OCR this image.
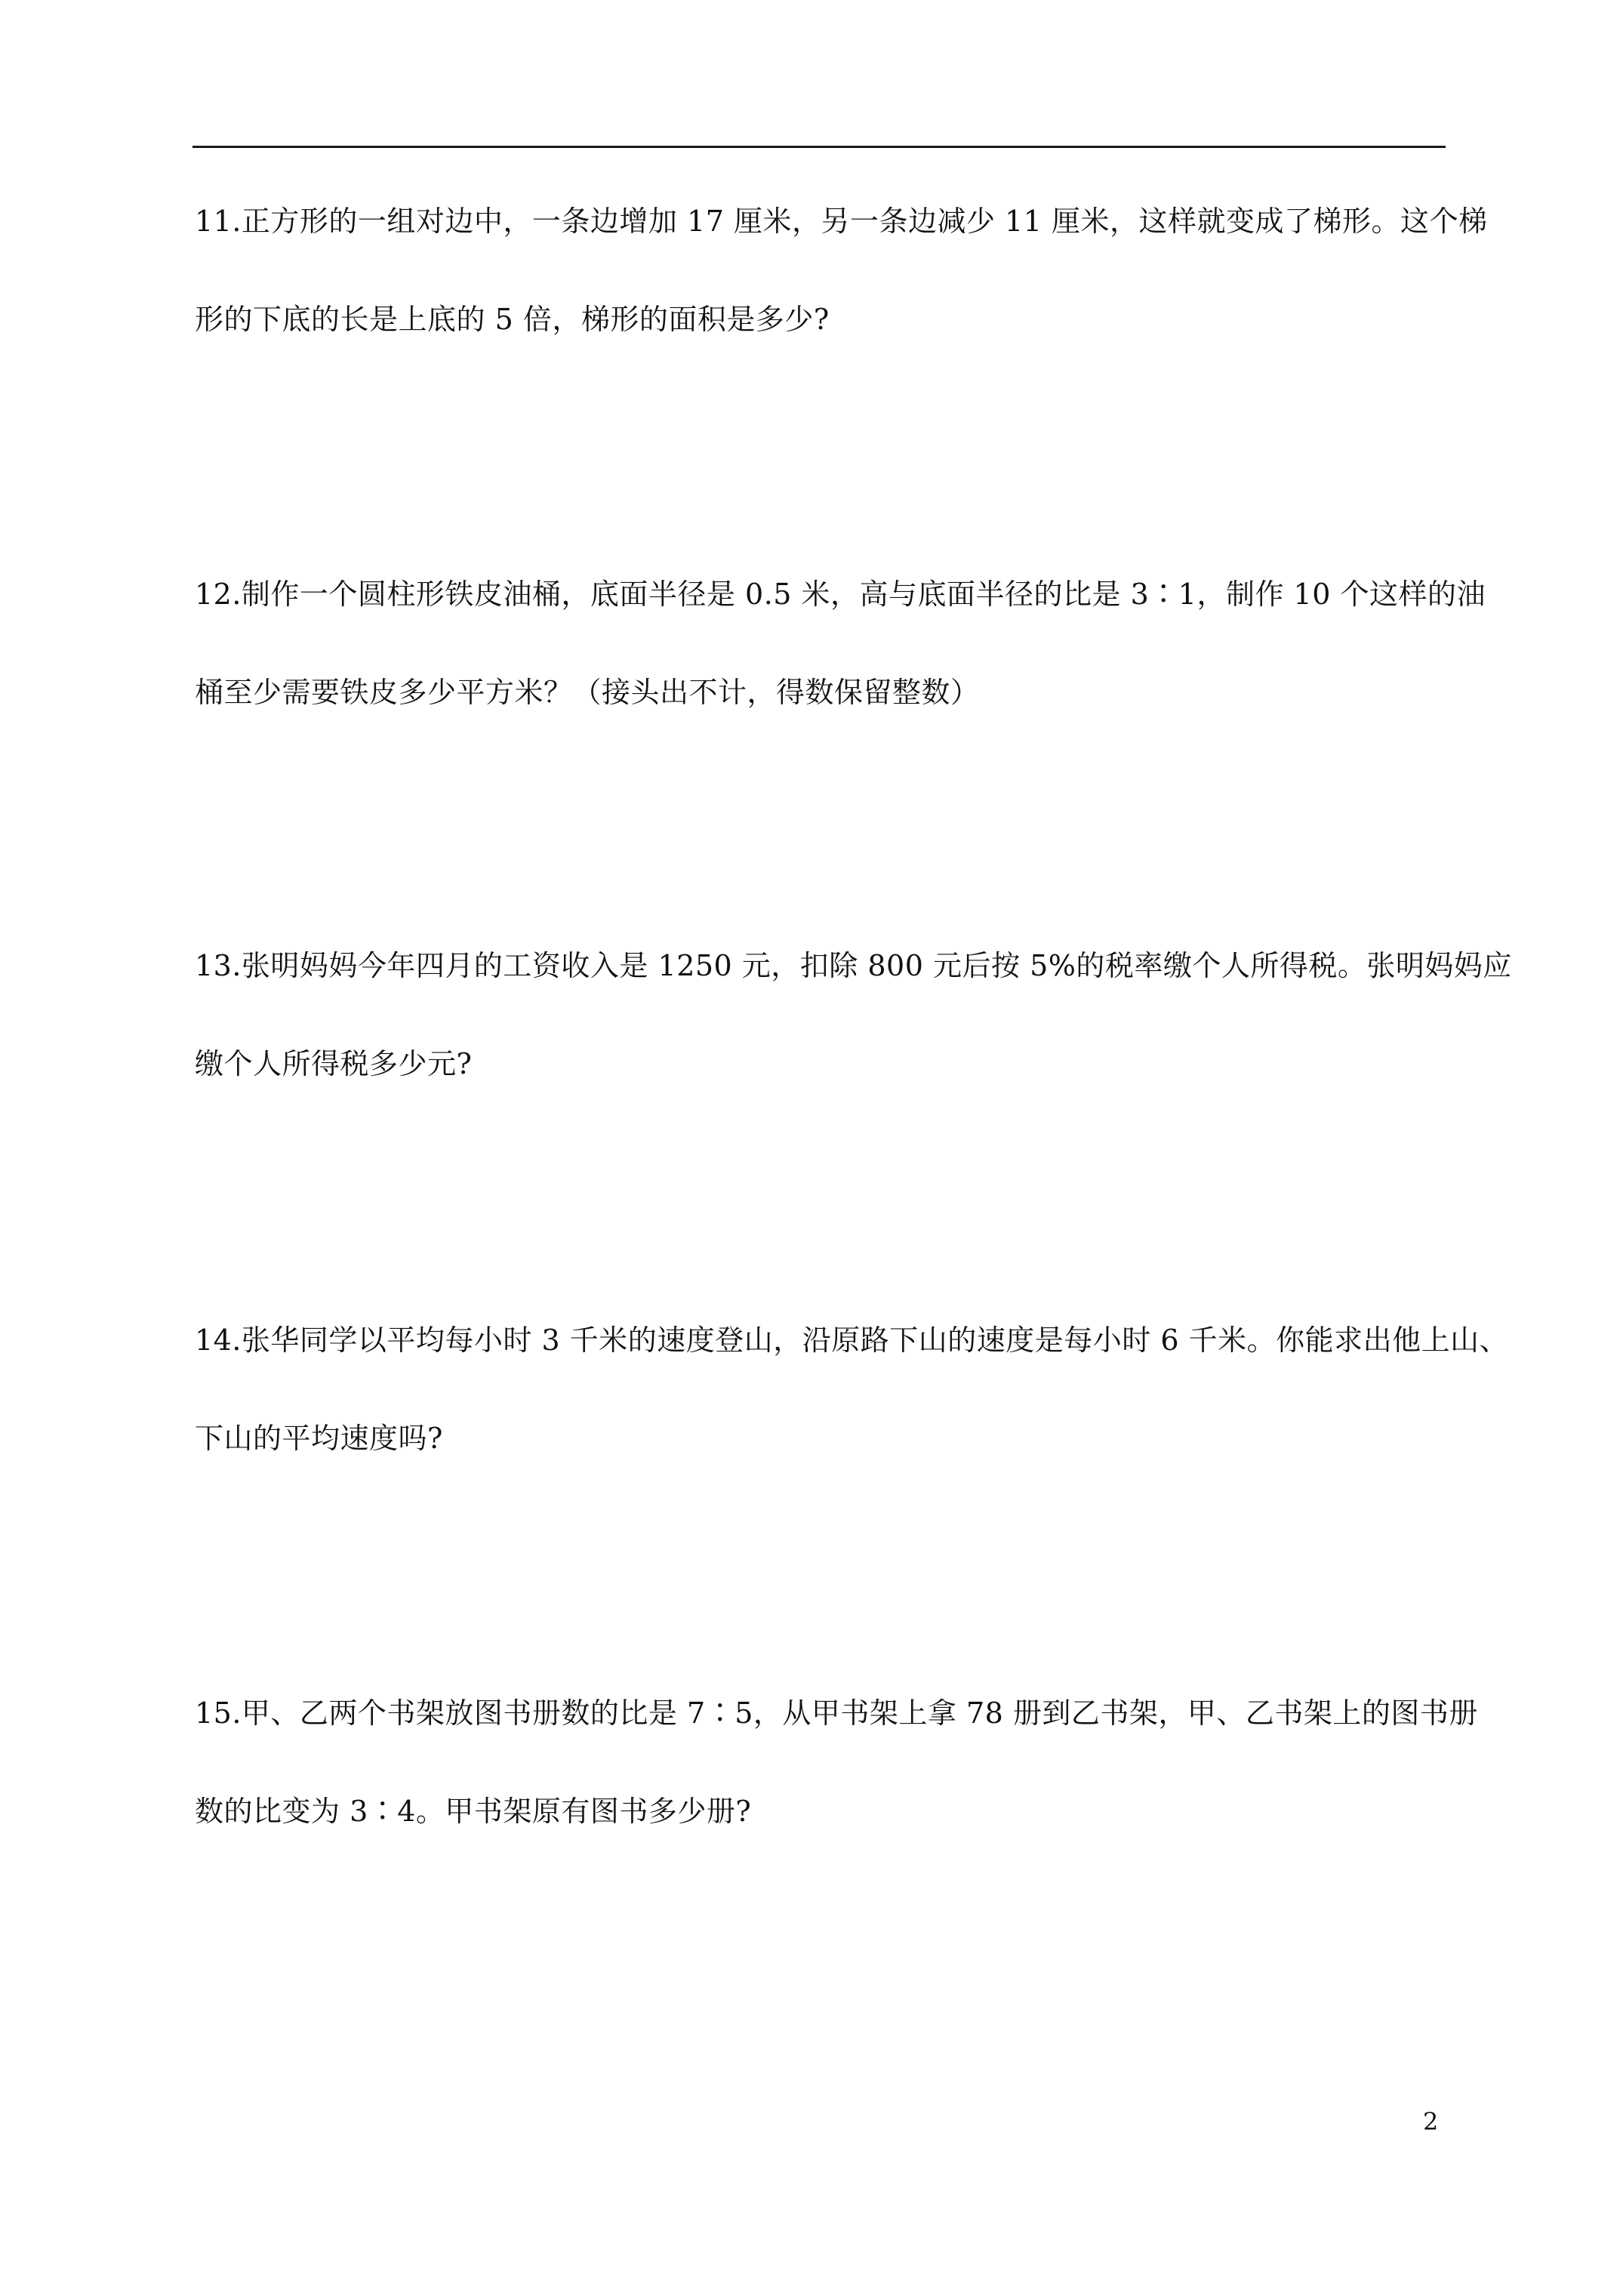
11.正方形的一组对边中，一条边增加 17 厘米，另一条边减少 11 厘米，这样就变成了梯形。这个梯
形的下底的长是上底的 5 倍，梯形的面积是多少?
12.制作一个圆柱形铁皮油桶，底面半径是 0.5 米，高与底面半径的比是 3∶1，制作 10 个这样的油
桶至少需要铁皮多少平方米？（接头出不计，得数保留整数）
13.张明妈妈今年四月的工资收入是 1250 元，扣除 800 元后按 5%的税率缴个人所得税。张明妈妈应
缴个人所得税多少元?
14.张华同学以平均每小时 3 千米的速度登山，沿原路下山的速度是每小时 6 千米。你能求出他上山、
下山的平均速度吗?
15.甲、乙两个书架放图书册数的比是 7∶5，从甲书架上拿 78 册到乙书架，甲、乙书架上的图书册
数的比变为 3∶4。甲书架原有图书多少册?
2
